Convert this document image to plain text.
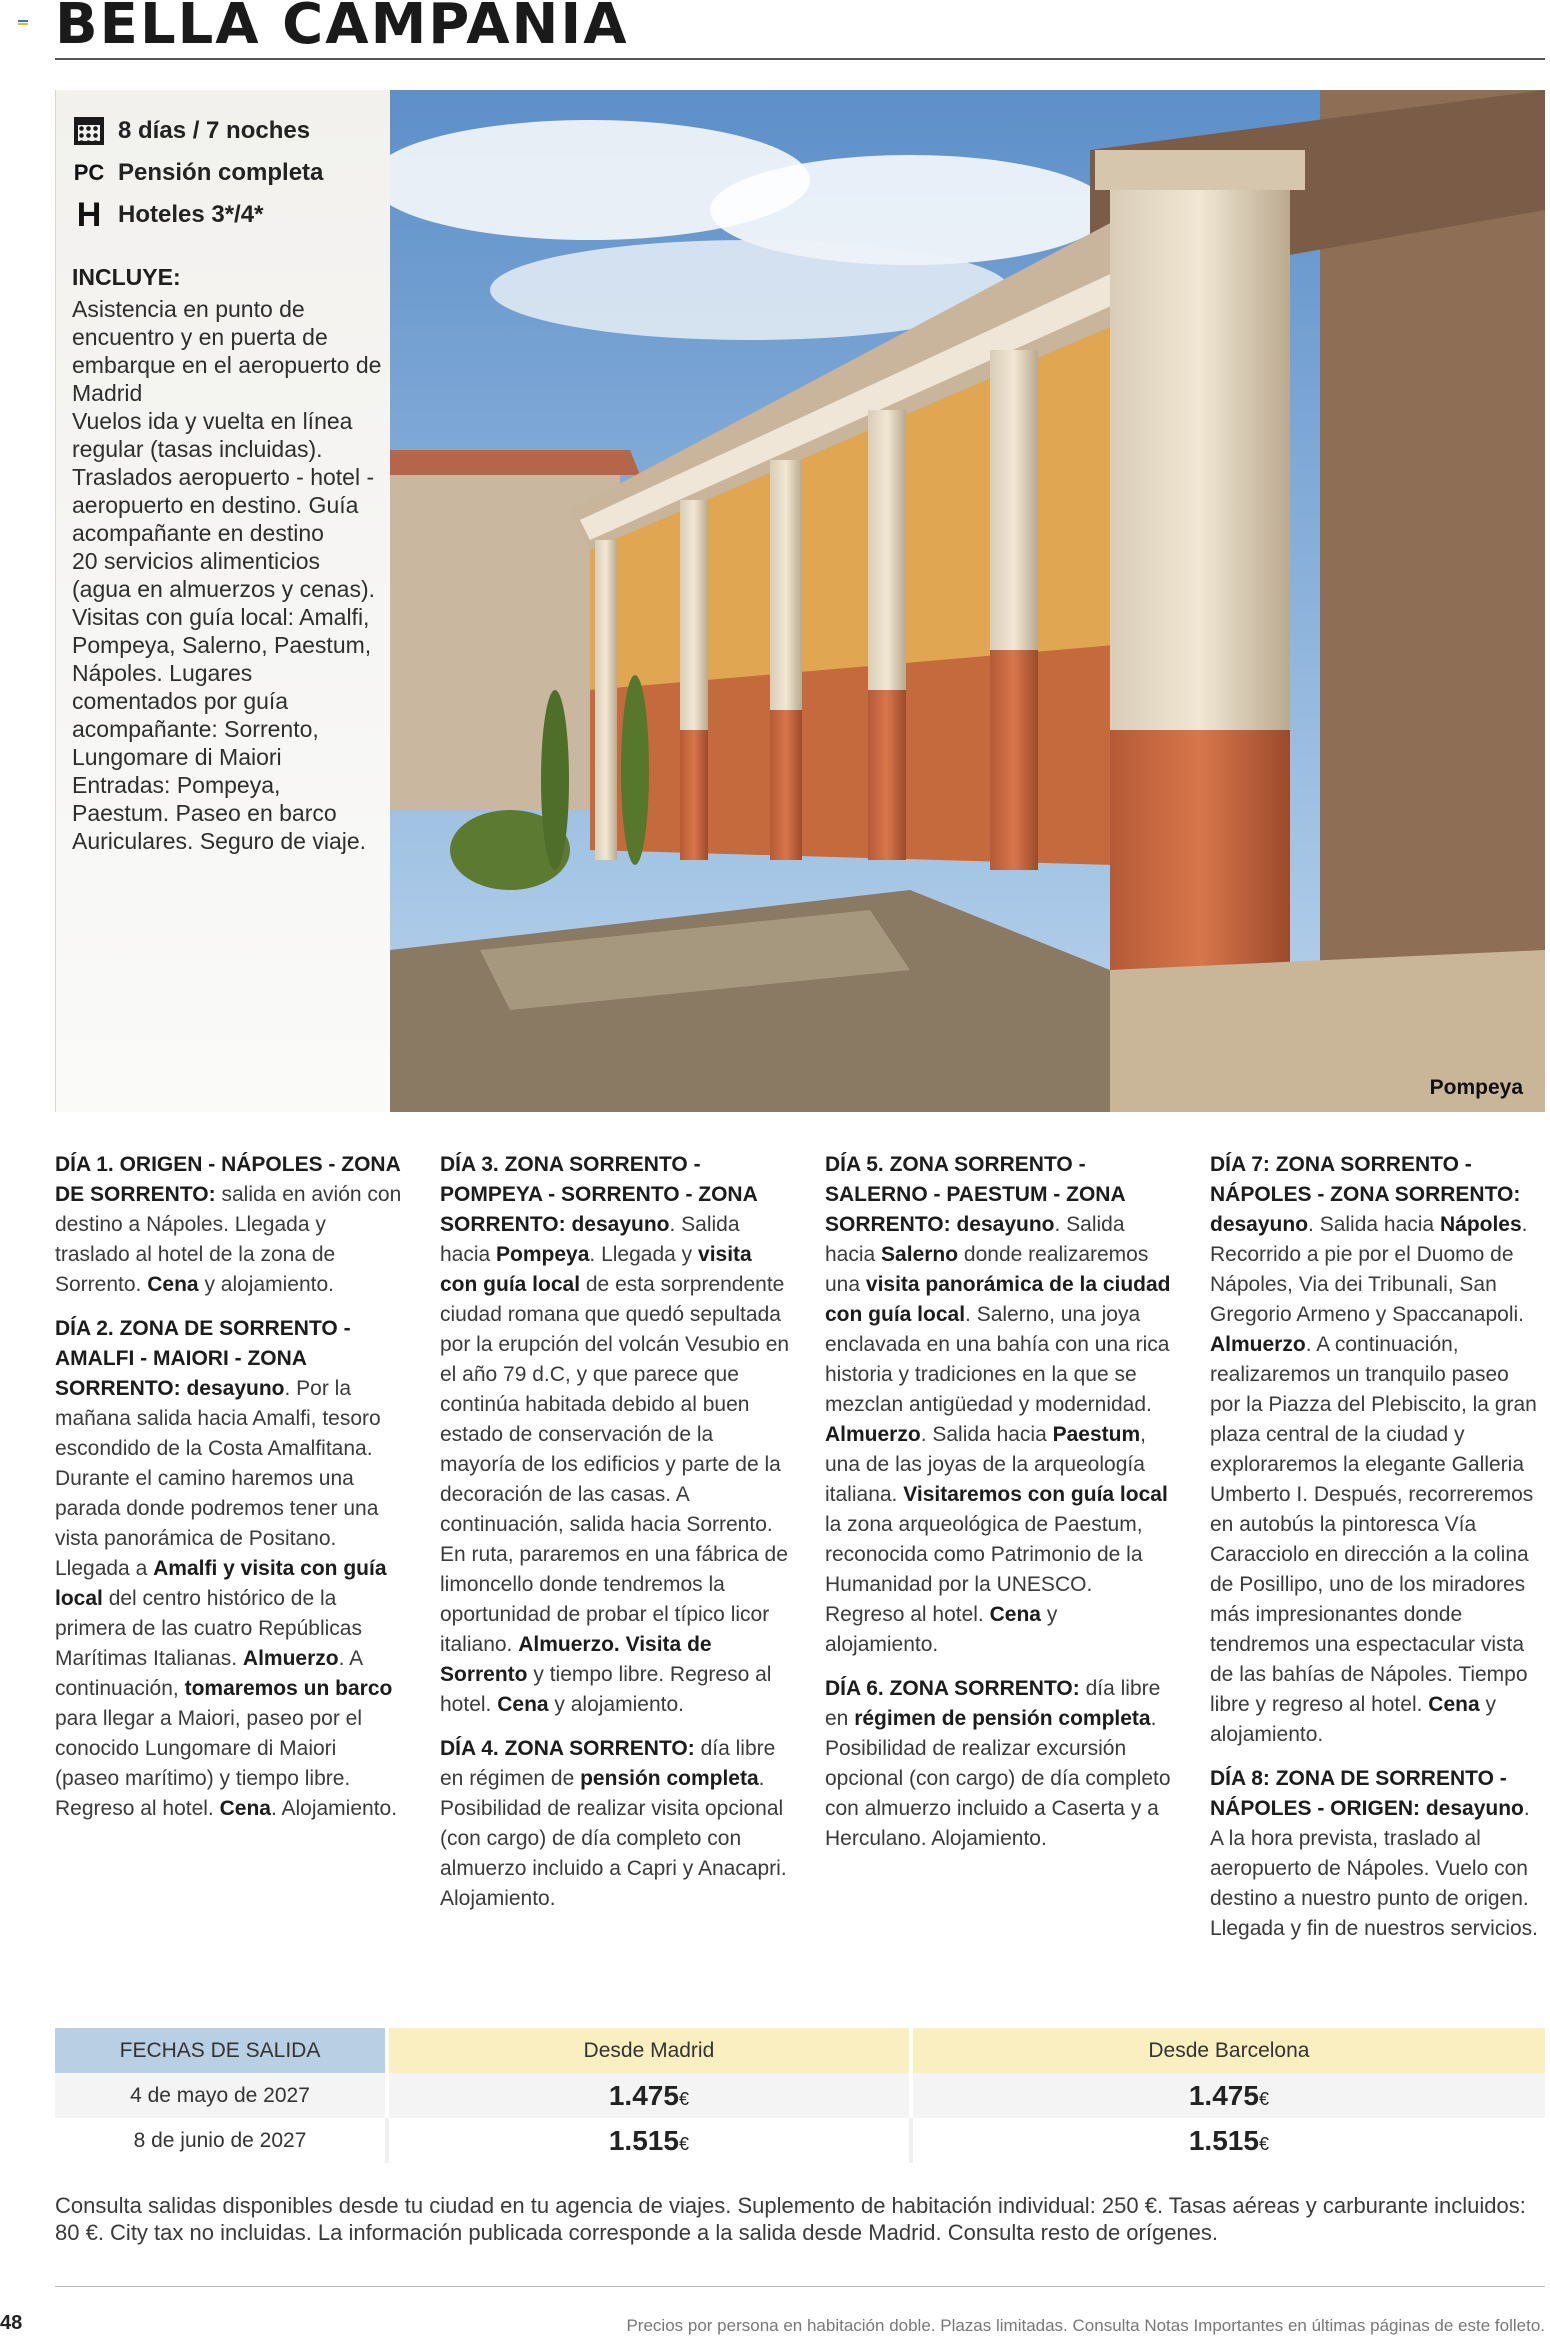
BELLA CAMPANIA
8 días / 7 noches
PC Pensión completa
H Hoteles 3*/4*
INCLUYE:

Asistencia en punto de encuentro y en puerta de embarque en el aeropuerto de Madrid

Vuelos ida y vuelta en línea regular (tasas incluidas). Traslados aeropuerto - hotel - aeropuerto en destino. Guía acompañante en destino

20 servicios alimenticios (agua en almuerzos y cenas). Visitas con guía local: Amalfi, Pompeya, Salerno, Paestum, Nápoles. Lugares comentados por guía acompañante: Sorrento, Lungomare di Maiori

Entradas: Pompeya, Paestum. Paseo en barco

Auriculares. Seguro de viaje.

Pompeya
DÍA 1. ORIGEN - NÁPOLES - ZONA DE SORRENTO: salida en avión con destino a Nápoles. Llegada y traslado al hotel de la zona de Sorrento. Cena y alojamiento.
DÍA 2. ZONA DE SORRENTO - AMALFI - MAIORI - ZONA SORRENTO: desayuno. Por la mañana salida hacia Amalfi, tesoro escondido de la Costa Amalfitana. Durante el camino haremos una parada donde podremos tener una vista panorámica de Positano. Llegada a Amalfi y visita con guía local del centro histórico de la primera de las cuatro Repúblicas Marítimas Italianas. Almuerzo. A continuación, tomaremos un barco para llegar a Maiori, paseo por el conocido Lungomare di Maiori (paseo marítimo) y tiempo libre. Regreso al hotel. Cena. Alojamiento.
DÍA 3. ZONA SORRENTO - POMPEYA - SORRENTO - ZONA SORRENTO: desayuno. Salida hacia Pompeya. Llegada y visita con guía local de esta sorprendente ciudad romana que quedó sepultada por la erupción del volcán Vesubio en el año 79 d.C, y que parece que continúa habitada debido al buen estado de conservación de la mayoría de los edificios y parte de la decoración de las casas. A continuación, salida hacia Sorrento. En ruta, pararemos en una fábrica de limoncello donde tendremos la oportunidad de probar el típico licor italiano. Almuerzo. Visita de Sorrento y tiempo libre. Regreso al hotel. Cena y alojamiento.
DÍA 4. ZONA SORRENTO: día libre en régimen de pensión completa. Posibilidad de realizar visita opcional (con cargo) de día completo con almuerzo incluido a Capri y Anacapri. Alojamiento.
DÍA 5. ZONA SORRENTO - SALERNO - PAESTUM - ZONA SORRENTO: desayuno. Salida hacia Salerno donde realizaremos una visita panorámica de la ciudad con guía local. Salerno, una joya enclavada en una bahía con una rica historia y tradiciones en la que se mezclan antigüedad y modernidad. Almuerzo. Salida hacia Paestum, una de las joyas de la arqueología italiana. Visitaremos con guía local la zona arqueológica de Paestum, reconocida como Patrimonio de la Humanidad por la UNESCO. Regreso al hotel. Cena y alojamiento.
DÍA 6. ZONA SORRENTO: día libre en régimen de pensión completa. Posibilidad de realizar excursión opcional (con cargo) de día completo con almuerzo incluido a Caserta y a Herculano. Alojamiento.
DÍA 7: ZONA SORRENTO - NÁPOLES - ZONA SORRENTO: desayuno. Salida hacia Nápoles. Recorrido a pie por el Duomo de Nápoles, Via dei Tribunali, San Gregorio Armeno y Spaccanapoli. Almuerzo. A continuación, realizaremos un tranquilo paseo por la Piazza del Plebiscito, la gran plaza central de la ciudad y exploraremos la elegante Galleria Umberto I. Después, recorreremos en autobús la pintoresca Vía Caracciolo en dirección a la colina de Posillipo, uno de los miradores más impresionantes donde tendremos una espectacular vista de las bahías de Nápoles. Tiempo libre y regreso al hotel. Cena y alojamiento.
DÍA 8: ZONA DE SORRENTO - NÁPOLES - ORIGEN: desayuno. A la hora prevista, traslado al aeropuerto de Nápoles. Vuelo con destino a nuestro punto de origen. Llegada y fin de nuestros servicios.
FECHAS DE SALIDA	Desde Madrid	Desde Barcelona
4 de mayo de 2027	1.475€	1.475€
8 de junio de 2027	1.515€	1.515€
Consulta salidas disponibles desde tu ciudad en tu agencia de viajes. Suplemento de habitación individual: 250 €. Tasas aéreas y carburante incluidos: 80 €. City tax no incluidas. La información publicada corresponde a la salida desde Madrid. Consulta resto de orígenes.
48	Precios por persona en habitación doble. Plazas limitadas. Consulta Notas Importantes en últimas páginas de este folleto.
